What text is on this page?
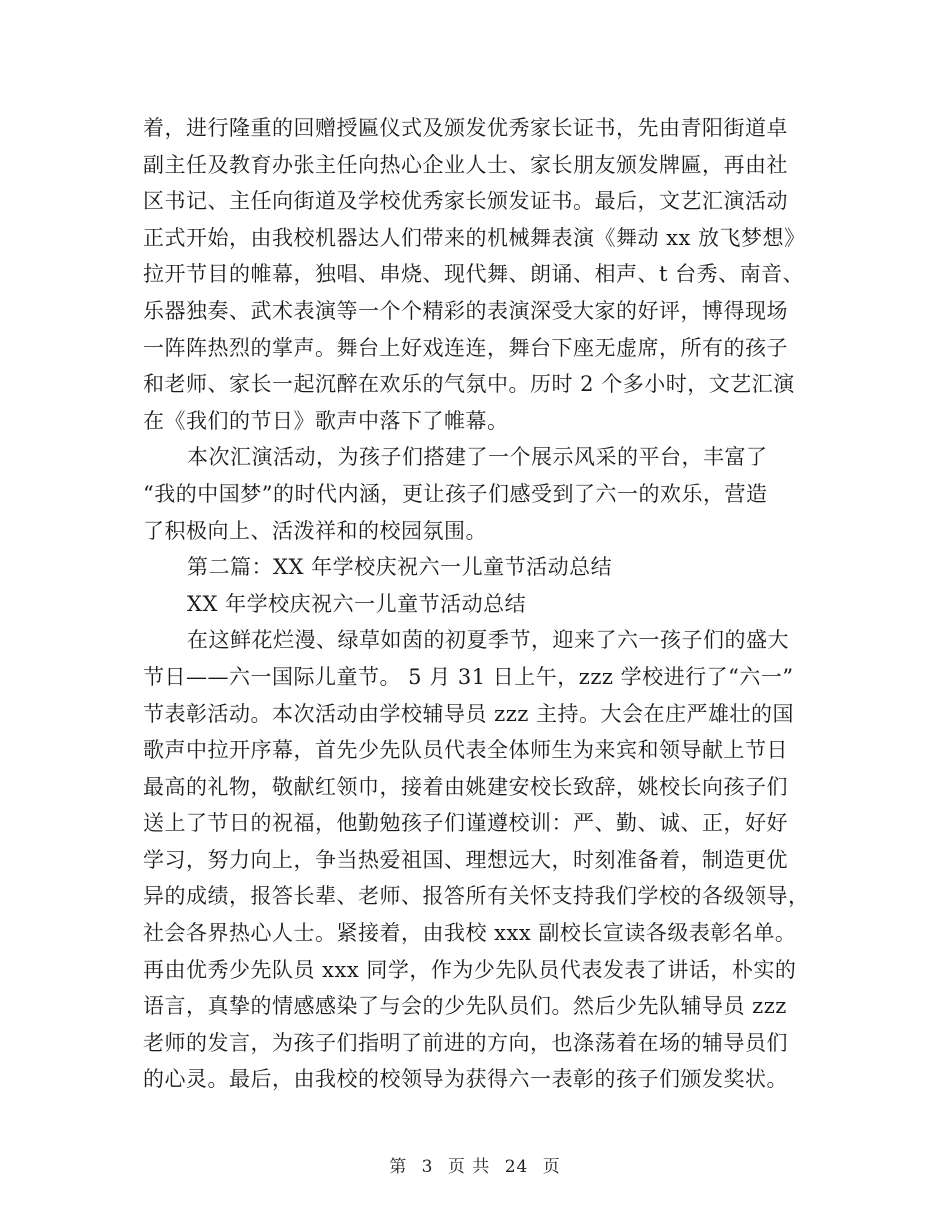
着，进行隆重的回赠授匾仪式及颁发优秀家长证书，先由青阳街道卓
副主任及教育办张主任向热心企业人士、家长朋友颁发牌匾，再由社
区书记、主任向街道及学校优秀家长颁发证书。最后，文艺汇演活动
正式开始，由我校机器达人们带来的机械舞表演《舞动 xx 放飞梦想》
拉开节目的帷幕，独唱、串烧、现代舞、朗诵、相声、t 台秀、南音、
乐器独奏、武术表演等一个个精彩的表演深受大家的好评，博得现场
一阵阵热烈的掌声。舞台上好戏连连，舞台下座无虚席，所有的孩子
和老师、家长一起沉醉在欢乐的气氛中。历时 2 个多小时，文艺汇演
在《我们的节日》歌声中落下了帷幕。
本次汇演活动，为孩子们搭建了一个展示风采的平台，丰富了
“我的中国梦”的时代内涵，更让孩子们感受到了六一的欢乐，营造
了积极向上、活泼祥和的校园氛围。
第二篇：XX 年学校庆祝六一儿童节活动总结
XX 年学校庆祝六一儿童节活动总结
在这鲜花烂漫、绿草如茵的初夏季节，迎来了六一孩子们的盛大
节日——六一国际儿童节。 5 月 31 日上午，zzz 学校进行了“六一”
节表彰活动。本次活动由学校辅导员 zzz 主持。大会在庄严雄壮的国
歌声中拉开序幕，首先少先队员代表全体师生为来宾和领导献上节日
最高的礼物，敬献红领巾，接着由姚建安校长致辞，姚校长向孩子们
送上了节日的祝福，他勤勉孩子们谨遵校训：严、勤、诚、正，好好
学习，努力向上，争当热爱祖国、理想远大，时刻准备着，制造更优
异的成绩，报答长辈、老师、报答所有关怀支持我们学校的各级领导，
社会各界热心人士。紧接着，由我校 xxx 副校长宣读各级表彰名单。
再由优秀少先队员 xxx 同学，作为少先队员代表发表了讲话，朴实的
语言，真挚的情感感染了与会的少先队员们。然后少先队辅导员 zzz
老师的发言，为孩子们指明了前进的方向，也涤荡着在场的辅导员们
的心灵。最后，由我校的校领导为获得六一表彰的孩子们颁发奖状。
第 3 页 共 24 页
